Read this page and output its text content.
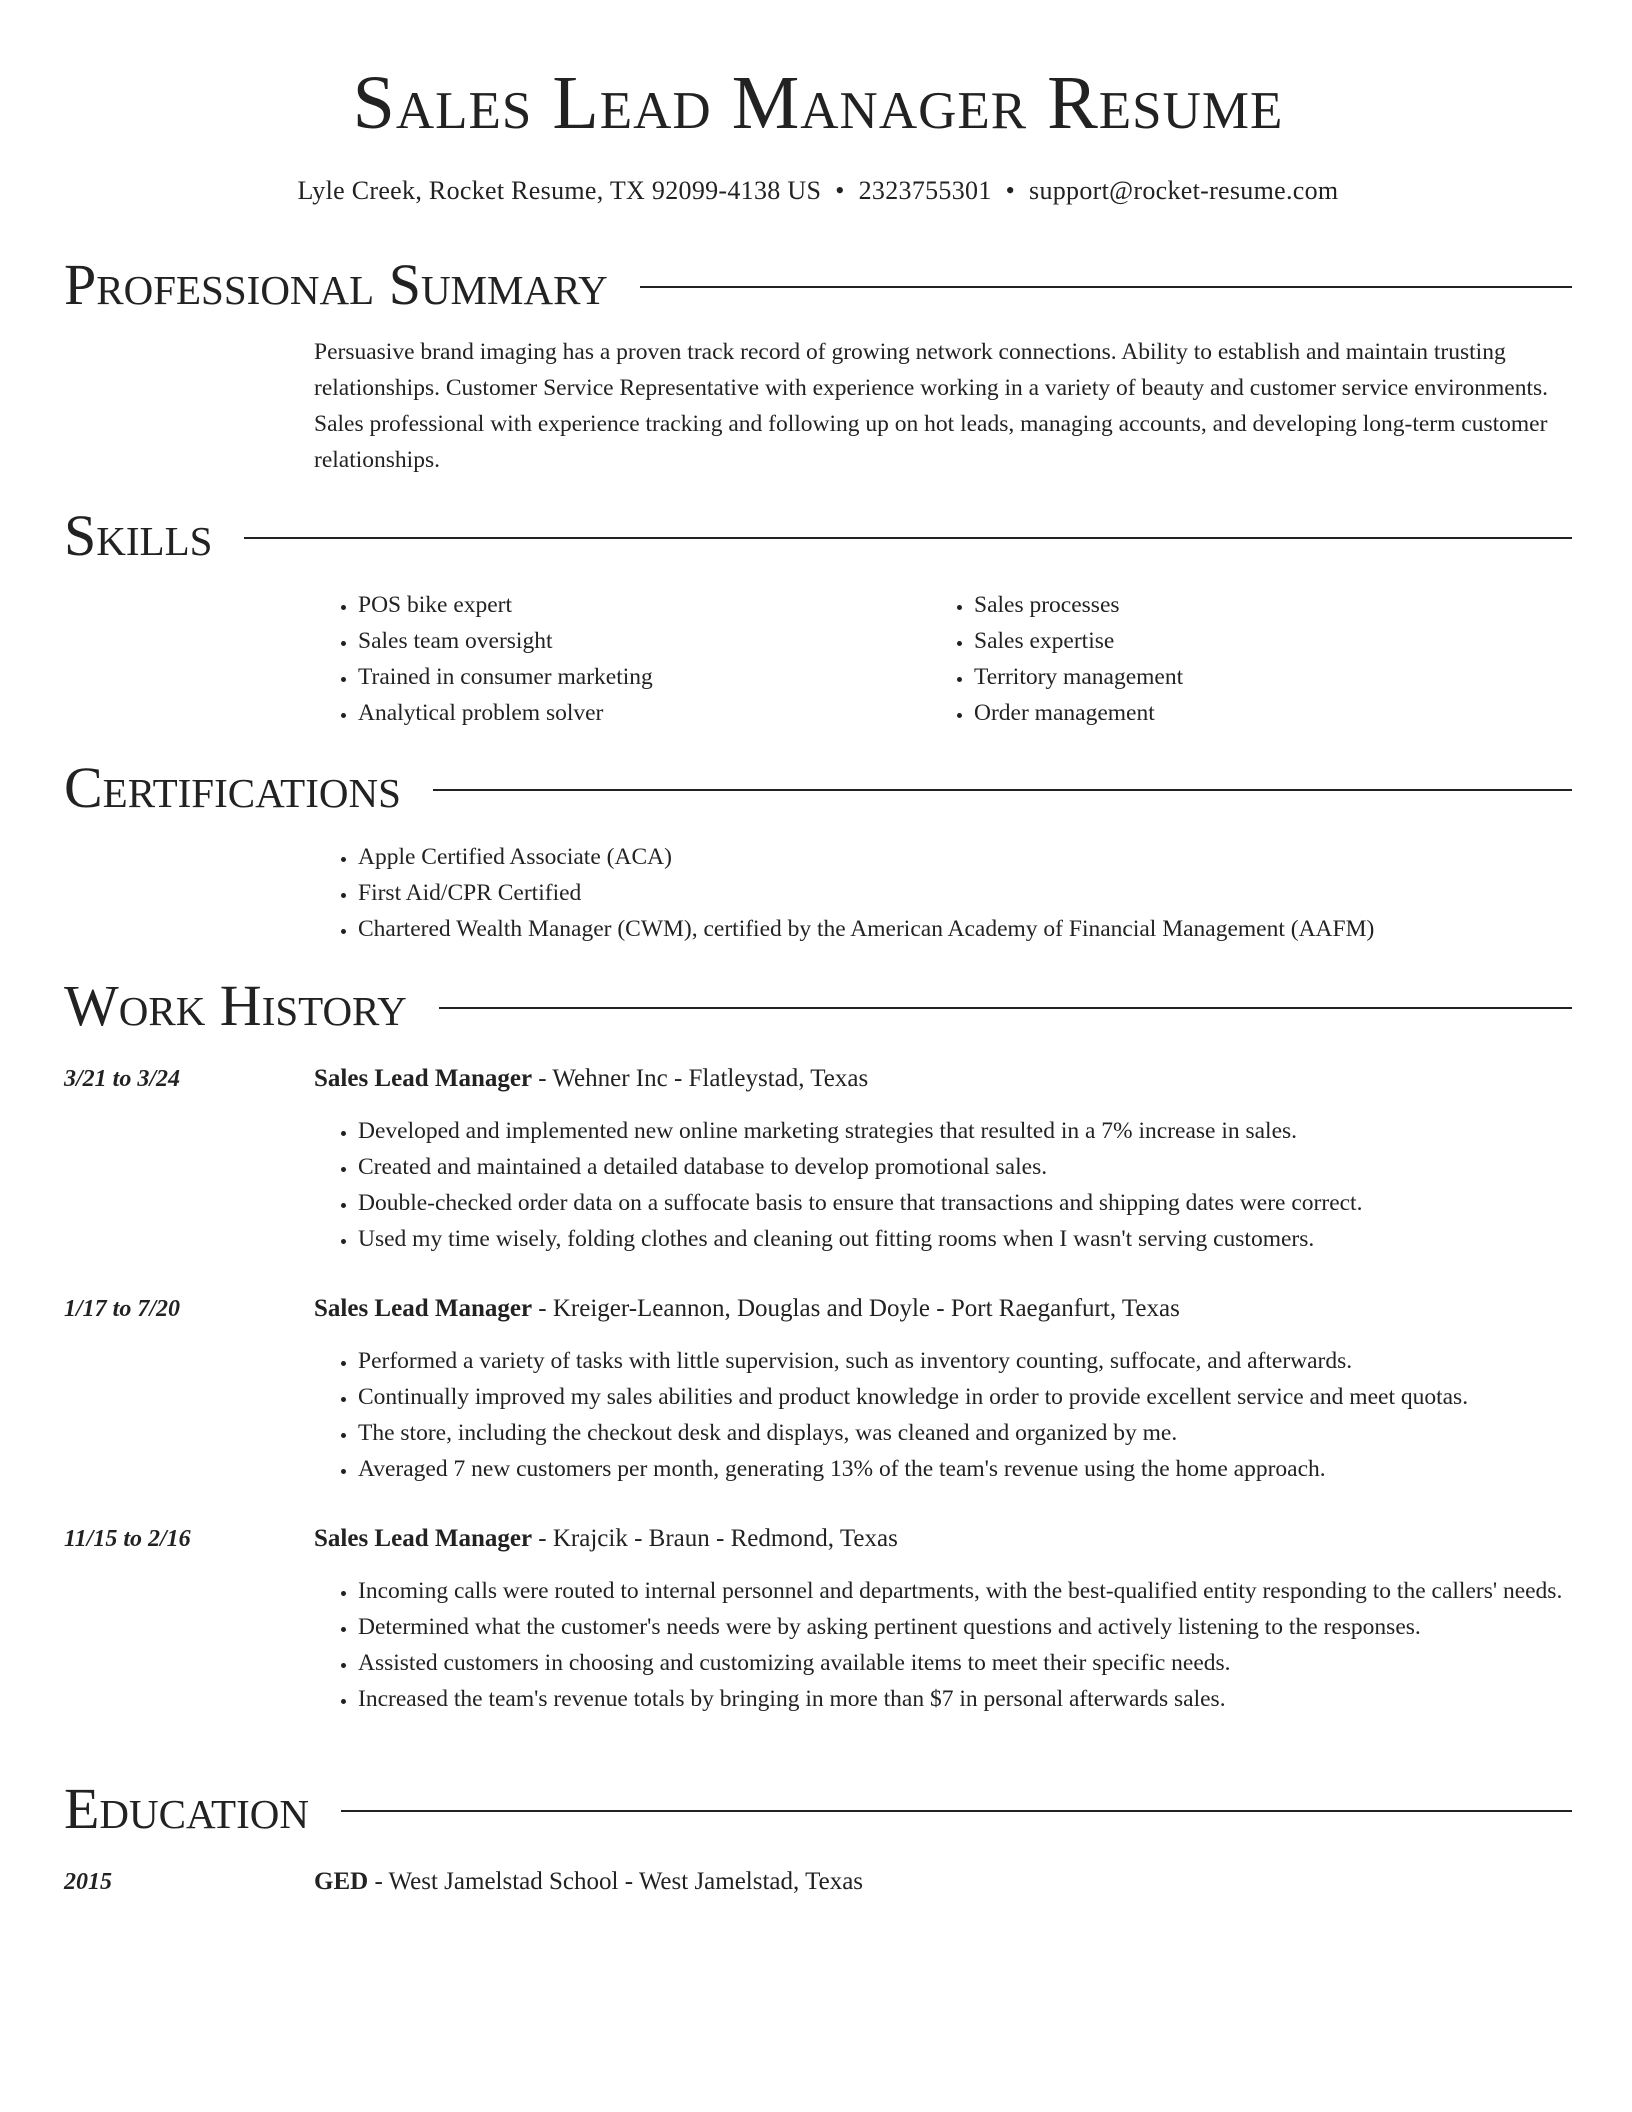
Sales Lead Manager Resume
Lyle Creek, Rocket Resume, TX 92099-4138 US • 2323755301 • support@rocket-resume.com
Professional Summary
Persuasive brand imaging has a proven track record of growing network connections. Ability to establish and maintain trusting relationships. Customer Service Representative with experience working in a variety of beauty and customer service environments. Sales professional with experience tracking and following up on hot leads, managing accounts, and developing long-term customer relationships.
Skills
• POS bike expert
• Sales team oversight
• Trained in consumer marketing
• Analytical problem solver
• Sales processes
• Sales expertise
• Territory management
• Order management
Certifications
• Apple Certified Associate (ACA)
• First Aid/CPR Certified
• Chartered Wealth Manager (CWM), certified by the American Academy of Financial Management (AAFM)
Work History
3/21 to 3/24	Sales Lead Manager - Wehner Inc - Flatleystad, Texas
• Developed and implemented new online marketing strategies that resulted in a 7% increase in sales.
• Created and maintained a detailed database to develop promotional sales.
• Double-checked order data on a suffocate basis to ensure that transactions and shipping dates were correct.
• Used my time wisely, folding clothes and cleaning out fitting rooms when I wasn't serving customers.
1/17 to 7/20	Sales Lead Manager - Kreiger-Leannon, Douglas and Doyle - Port Raeganfurt, Texas
• Performed a variety of tasks with little supervision, such as inventory counting, suffocate, and afterwards.
• Continually improved my sales abilities and product knowledge in order to provide excellent service and meet quotas.
• The store, including the checkout desk and displays, was cleaned and organized by me.
• Averaged 7 new customers per month, generating 13% of the team's revenue using the home approach.
11/15 to 2/16	Sales Lead Manager - Krajcik - Braun - Redmond, Texas
• Incoming calls were routed to internal personnel and departments, with the best-qualified entity responding to the callers' needs.
• Determined what the customer's needs were by asking pertinent questions and actively listening to the responses.
• Assisted customers in choosing and customizing available items to meet their specific needs.
• Increased the team's revenue totals by bringing in more than $7 in personal afterwards sales.
Education
2015	GED - West Jamelstad School - West Jamelstad, Texas
